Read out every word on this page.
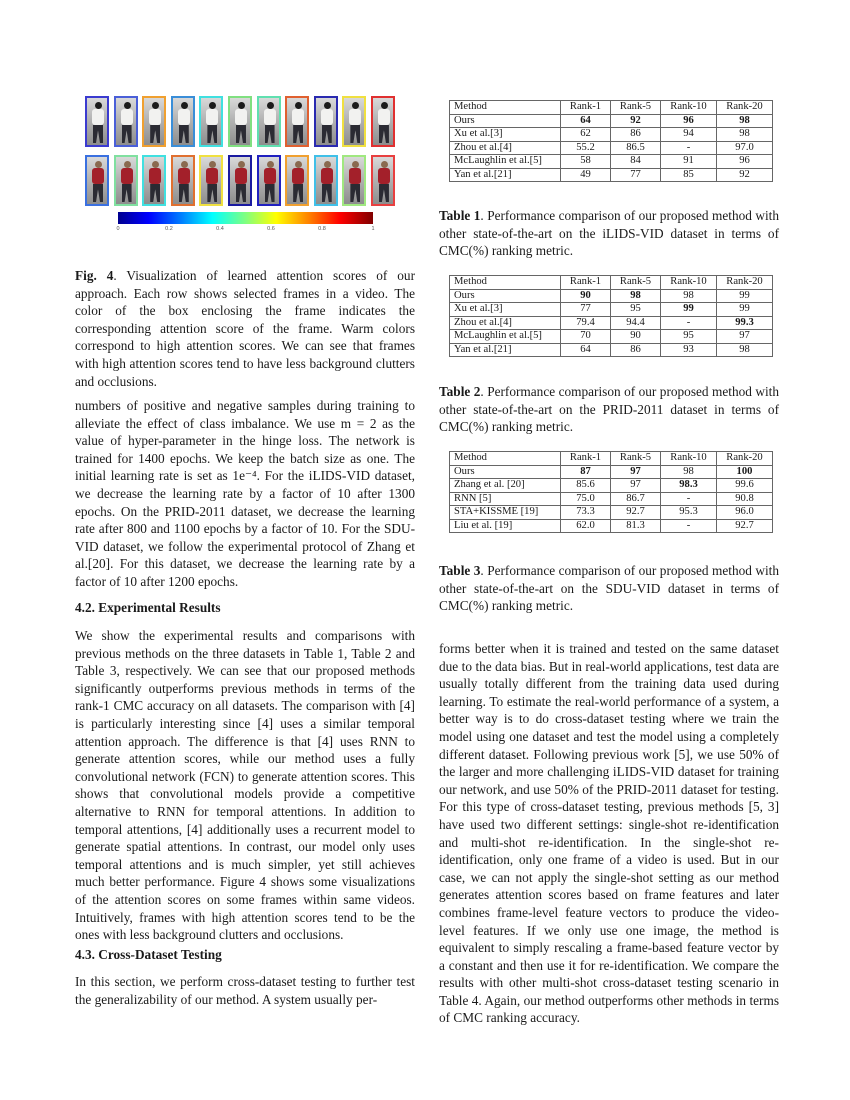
0	0.2	0.4	0.6	0.8	1
Fig. 4. Visualization of learned attention scores of our approach. Each row shows selected frames in a video. The color of the box enclosing the frame indicates the corresponding attention score of the frame. Warm colors correspond to high attention scores. We can see that frames with high attention scores tend to have less background clutters and occlusions.
numbers of positive and negative samples during training to alleviate the effect of class imbalance. We use m = 2 as the value of hyper-parameter in the hinge loss. The network is trained for 1400 epochs. We keep the batch size as one. The initial learning rate is set as 1e⁻⁴. For the iLIDS-VID dataset, we decrease the learning rate by a factor of 10 after 1300 epochs. On the PRID-2011 dataset, we decrease the learning rate after 800 and 1100 epochs by a factor of 10. For the SDU-VID dataset, we follow the experimental protocol of Zhang et al.[20]. For this dataset, we decrease the learning rate by a factor of 10 after 1200 epochs.
4.2. Experimental Results
We show the experimental results and comparisons with previous methods on the three datasets in Table 1, Table 2 and Table 3, respectively. We can see that our proposed methods significantly outperforms previous methods in terms of the rank-1 CMC accuracy on all datasets. The comparison with [4] is particularly interesting since [4] uses a similar temporal attention approach. The difference is that [4] uses RNN to generate attention scores, while our method uses a fully convolutional network (FCN) to generate attention scores. This shows that convolutional models provide a competitive alternative to RNN for temporal attentions. In addition to temporal attentions, [4] additionally uses a recurrent model to generate spatial attentions. In contrast, our model only uses temporal attentions and is much simpler, yet still achieves much better performance. Figure 4 shows some visualizations of the attention scores on some frames within same videos. Intuitively, frames with high attention scores tend to be the ones with less background clutters and occlusions.
4.3. Cross-Dataset Testing
In this section, we perform cross-dataset testing to further test the generalizability of our method. A system usually per-
Method	Rank-1	Rank-5	Rank-10	Rank-20
Ours	64	92	96	98
Xu et al.[3]	62	86	94	98
Zhou et al.[4]	55.2	86.5	-	97.0
McLaughlin et al.[5]	58	84	91	96
Yan et al.[21]	49	77	85	92
Table 1. Performance comparison of our proposed method with other state-of-the-art on the iLIDS-VID dataset in terms of CMC(%) ranking metric.
Method	Rank-1	Rank-5	Rank-10	Rank-20
Ours	90	98	98	99
Xu et al.[3]	77	95	99	99
Zhou et al.[4]	79.4	94.4	-	99.3
McLaughlin et al.[5]	70	90	95	97
Yan et al.[21]	64	86	93	98
Table 2. Performance comparison of our proposed method with other state-of-the-art on the PRID-2011 dataset in terms of CMC(%) ranking metric.
Method	Rank-1	Rank-5	Rank-10	Rank-20
Ours	87	97	98	100
Zhang et al. [20]	85.6	97	98.3	99.6
RNN [5]	75.0	86.7	-	90.8
STA+KISSME [19]	73.3	92.7	95.3	96.0
Liu et al. [19]	62.0	81.3	-	92.7
Table 3. Performance comparison of our proposed method with other state-of-the-art on the SDU-VID dataset in terms of CMC(%) ranking metric.
forms better when it is trained and tested on the same dataset due to the data bias. But in real-world applications, test data are usually totally different from the training data used during learning. To estimate the real-world performance of a system, a better way is to do cross-dataset testing where we train the model using one dataset and test the model using a completely different dataset. Following previous work [5], we use 50% of the larger and more challenging iLIDS-VID dataset for training our network, and use 50% of the PRID-2011 dataset for testing. For this type of cross-dataset testing, previous methods [5, 3] have used two different settings: single-shot re-identification and multi-shot re-identification. In the single-shot re-identification, only one frame of a video is used. But in our case, we can not apply the single-shot setting as our method generates attention scores based on frame features and later combines frame-level feature vectors to produce the video-level features. If we only use one image, the method is equivalent to simply rescaling a frame-based feature vector by a constant and then use it for re-identification. We compare the results with other multi-shot cross-dataset testing scenario in Table 4. Again, our method outperforms other methods in terms of CMC ranking accuracy.
